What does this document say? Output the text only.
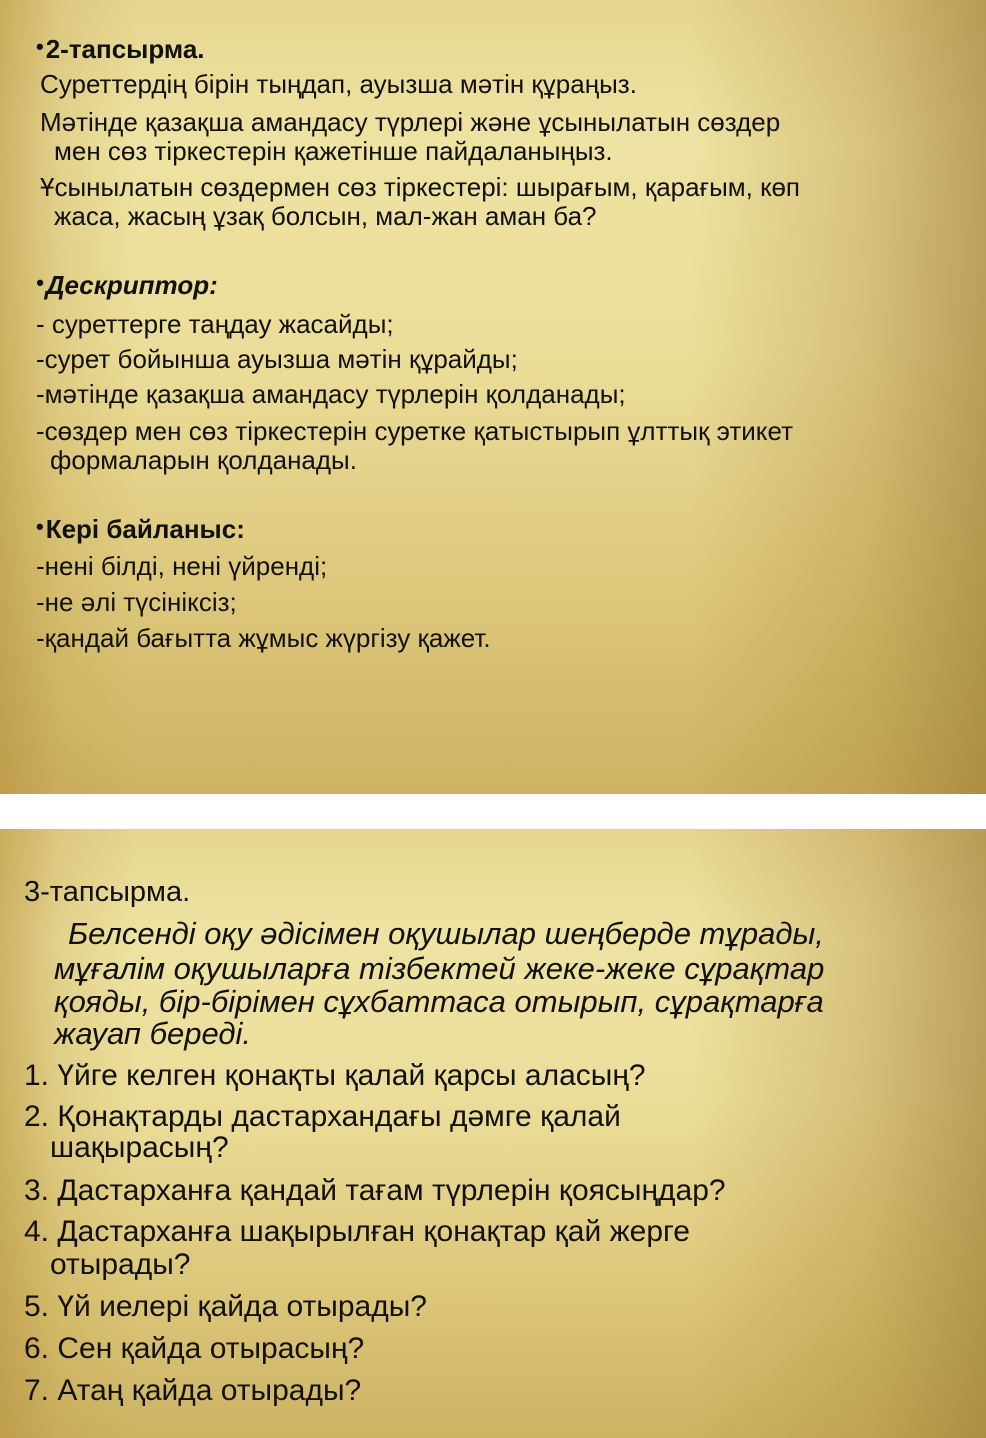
•2-тапсырма.
Суреттердің бірін тыңдап, ауызша мәтін құраңыз.
Мәтінде қазақша амандасу түрлері және ұсынылатын сөздер
мен сөз тіркестерін қажетінше пайдаланыңыз.
Ұсынылатын сөздермен сөз тіркестері: шырағым, қарағым, көп
жаса, жасың ұзақ болсын, мал-жан аман ба?
•Дескриптор:
- суреттерге таңдау жасайды;
-сурет бойынша ауызша мәтін құрайды;
-мәтінде қазақша амандасу түрлерін қолданады;
-сөздер мен сөз тіркестерін суретке қатыстырып ұлттық этикет
формаларын қолданады.
•Кері байланыс:
-нені білді, нені үйренді;
-не әлі түсініксіз;
-қандай бағытта жұмыс жүргізу қажет.
3-тапсырма.
Белсенді оқу әдісімен оқушылар шеңберде тұрады,
мұғалім оқушыларға тізбектей жеке-жеке сұрақтар
қояды, бір-бірімен сұхбаттаса отырып, сұрақтарға
жауап береді.
1. Үйге келген қонақты қалай қарсы аласың?
2. Қонақтарды дастархандағы дәмге қалай
шақырасың?
3. Дастарханға қандай тағам түрлерін қоясыңдар?
4. Дастарханға шақырылған қонақтар қай жерге
отырады?
5. Үй иелері қайда отырады?
6. Сен қайда отырасың?
7. Атаң қайда отырады?
